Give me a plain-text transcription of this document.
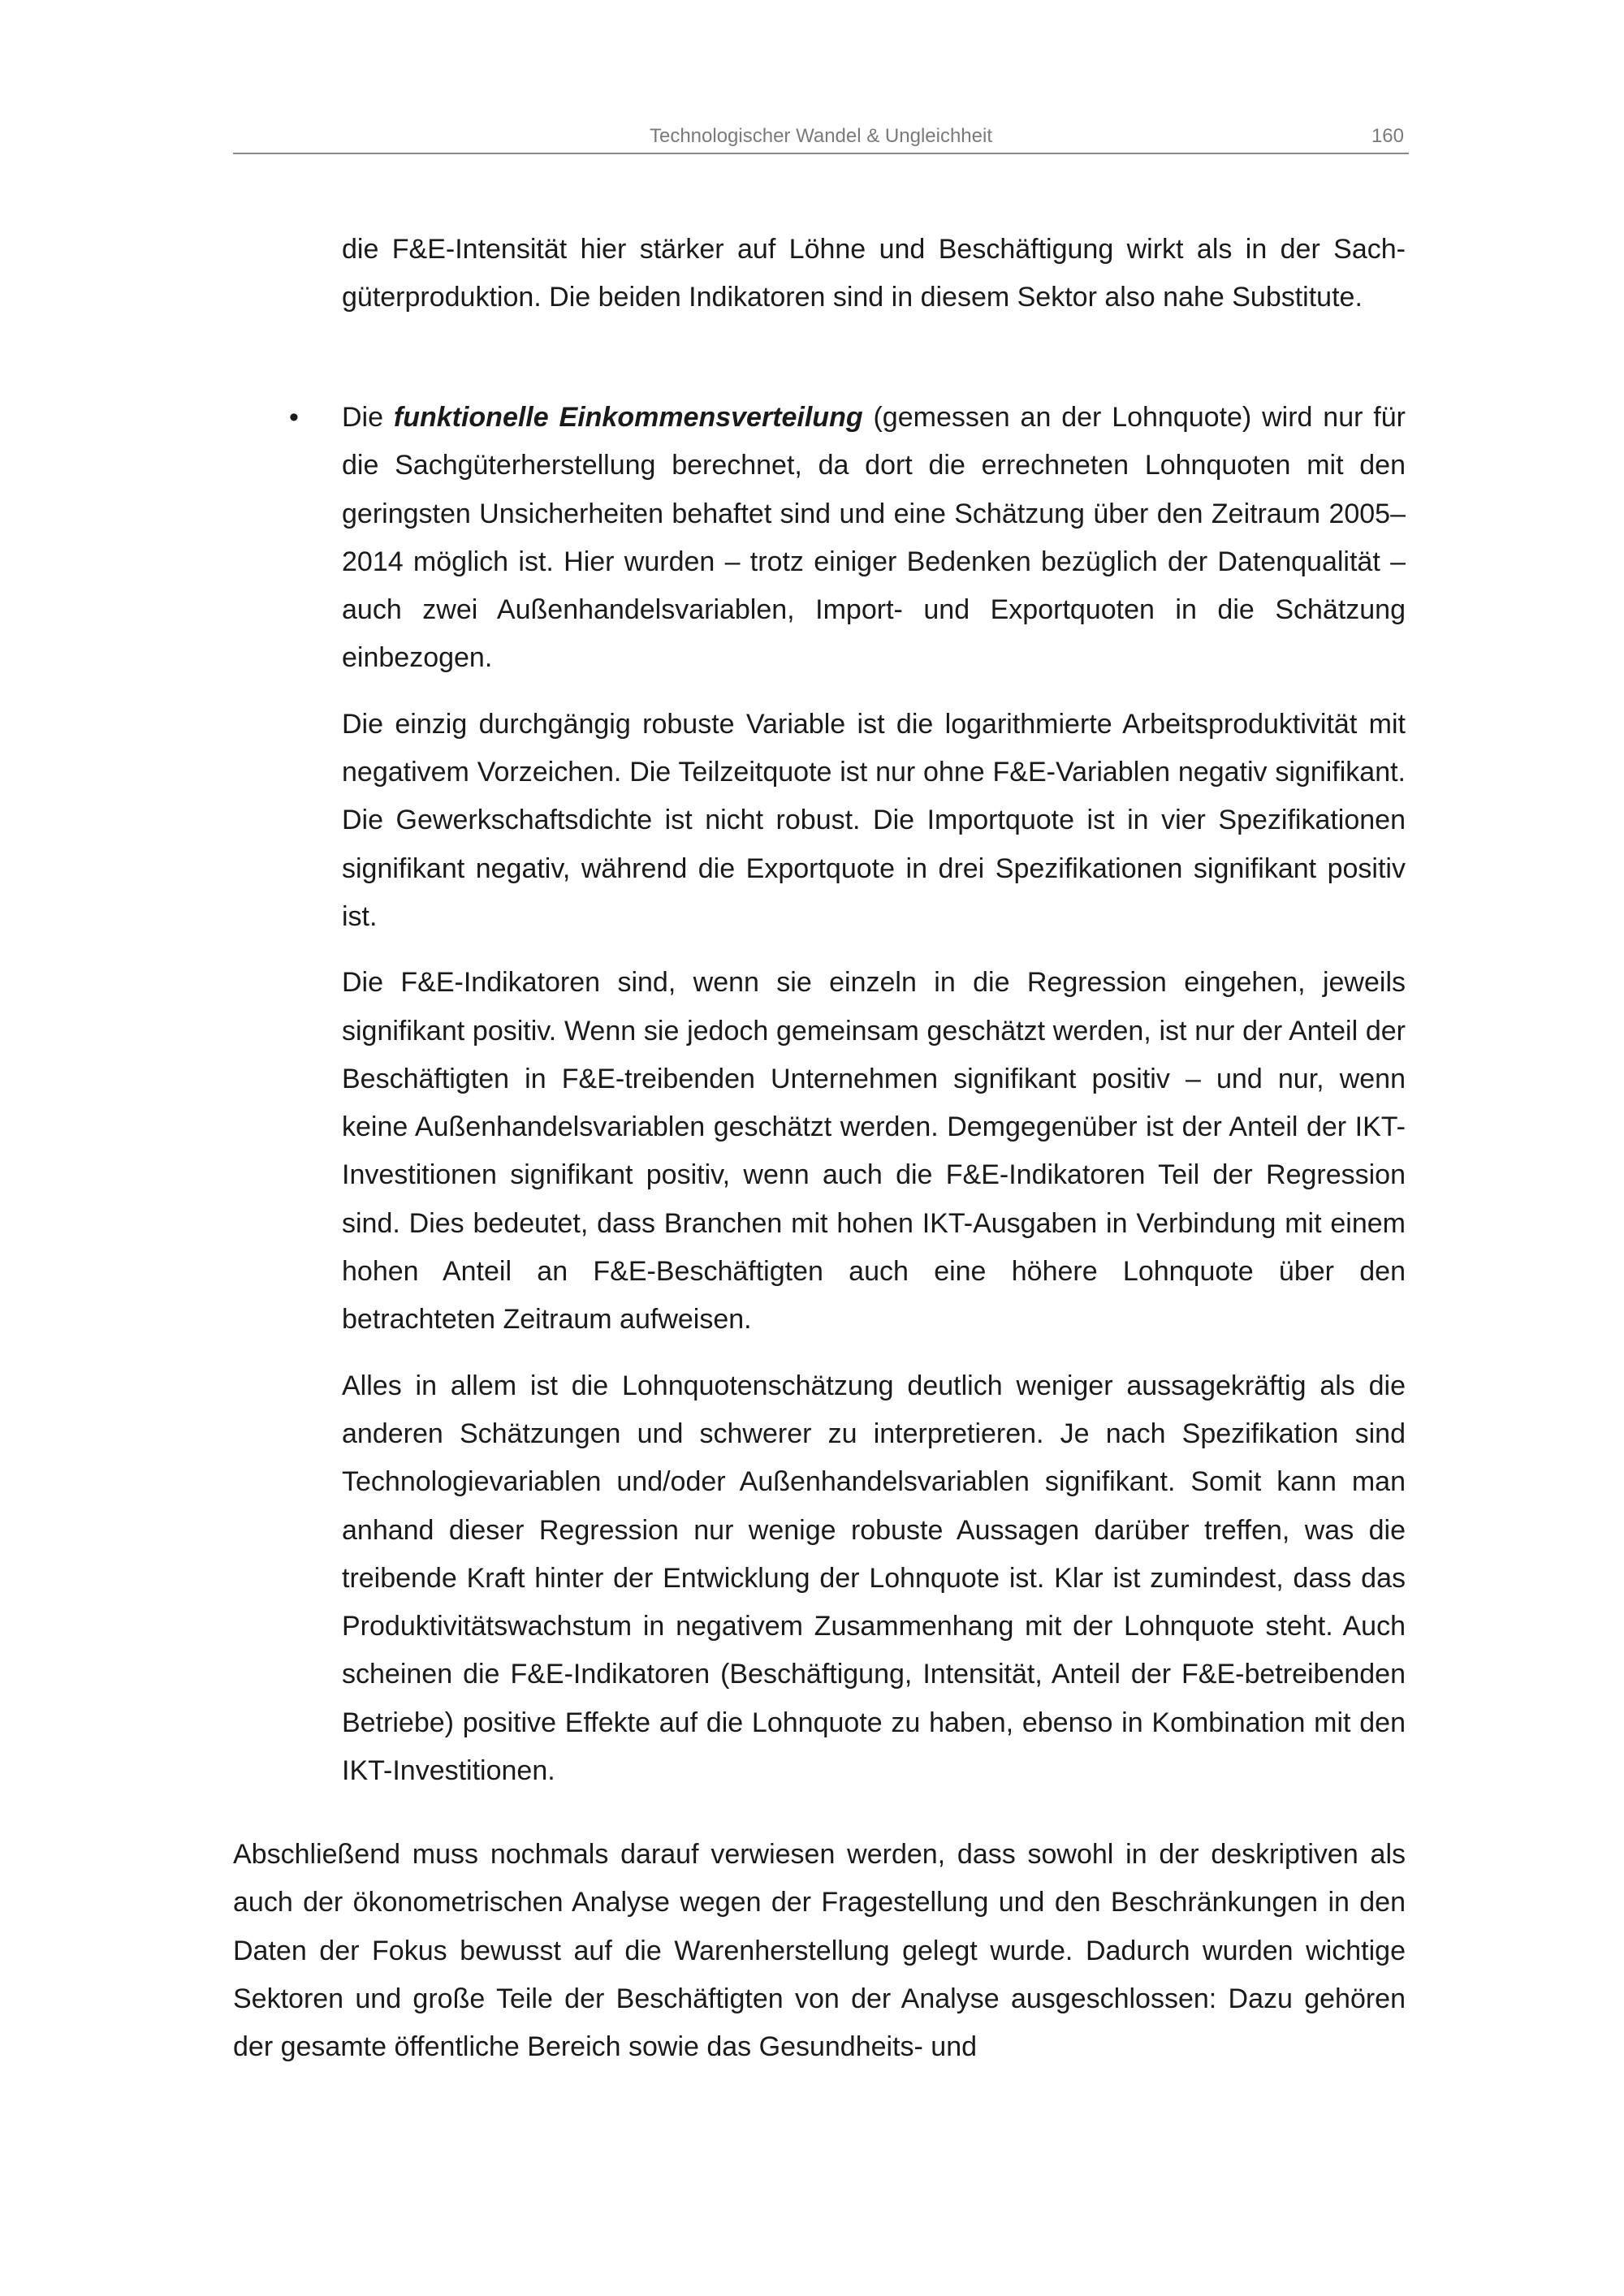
Technologischer Wandel & Ungleichheit	160

die F&E-Intensität hier stärker auf Löhne und Beschäftigung wirkt als in der Sachgüterproduktion. Die beiden Indikatoren sind in diesem Sektor also nahe Substitute.

• Die funktionelle Einkommensverteilung (gemessen an der Lohnquote) wird nur für die Sachgüterherstellung berechnet, da dort die errechneten Lohnquoten mit den geringsten Unsicherheiten behaftet sind und eine Schätzung über den Zeitraum 2005–2014 möglich ist. Hier wurden – trotz einiger Bedenken bezüglich der Datenqualität – auch zwei Außenhandelsvariablen, Import- und Exportquoten in die Schätzung einbezogen.

Die einzig durchgängig robuste Variable ist die logarithmierte Arbeitsproduktivität mit negativem Vorzeichen. Die Teilzeitquote ist nur ohne F&E-Variablen negativ signifikant. Die Gewerkschaftsdichte ist nicht robust. Die Importquote ist in vier Spezifikationen signifikant negativ, während die Exportquote in drei Spezifikationen signifikant positiv ist.

Die F&E-Indikatoren sind, wenn sie einzeln in die Regression eingehen, jeweils signifikant positiv. Wenn sie jedoch gemeinsam geschätzt werden, ist nur der Anteil der Beschäftigten in F&E-treibenden Unternehmen signifikant positiv – und nur, wenn keine Außenhandelsvariablen geschätzt werden. Demgegenüber ist der Anteil der IKT-Investitionen signifikant positiv, wenn auch die F&E-Indikatoren Teil der Regression sind. Dies bedeutet, dass Branchen mit hohen IKT-Ausgaben in Verbindung mit einem hohen Anteil an F&E-Beschäftigten auch eine höhere Lohnquote über den betrachteten Zeitraum aufweisen.

Alles in allem ist die Lohnquotenschätzung deutlich weniger aussagekräftig als die anderen Schätzungen und schwerer zu interpretieren. Je nach Spezifikation sind Technologievariablen und/oder Außenhandelsvariablen signifikant. Somit kann man anhand dieser Regression nur wenige robuste Aussagen darüber treffen, was die treibende Kraft hinter der Entwicklung der Lohnquote ist. Klar ist zumindest, dass das Produktivitätswachstum in negativem Zusammenhang mit der Lohnquote steht. Auch scheinen die F&E-Indikatoren (Beschäftigung, Intensität, Anteil der F&E-betreibenden Betriebe) positive Effekte auf die Lohnquote zu haben, ebenso in Kombination mit den IKT-Investitionen.

Abschließend muss nochmals darauf verwiesen werden, dass sowohl in der deskriptiven als auch der ökonometrischen Analyse wegen der Fragestellung und den Beschränkungen in den Daten der Fokus bewusst auf die Warenherstellung gelegt wurde. Dadurch wurden wichtige Sektoren und große Teile der Beschäftigten von der Analyse ausgeschlossen: Dazu gehören der gesamte öffentliche Bereich sowie das Gesundheits- und
